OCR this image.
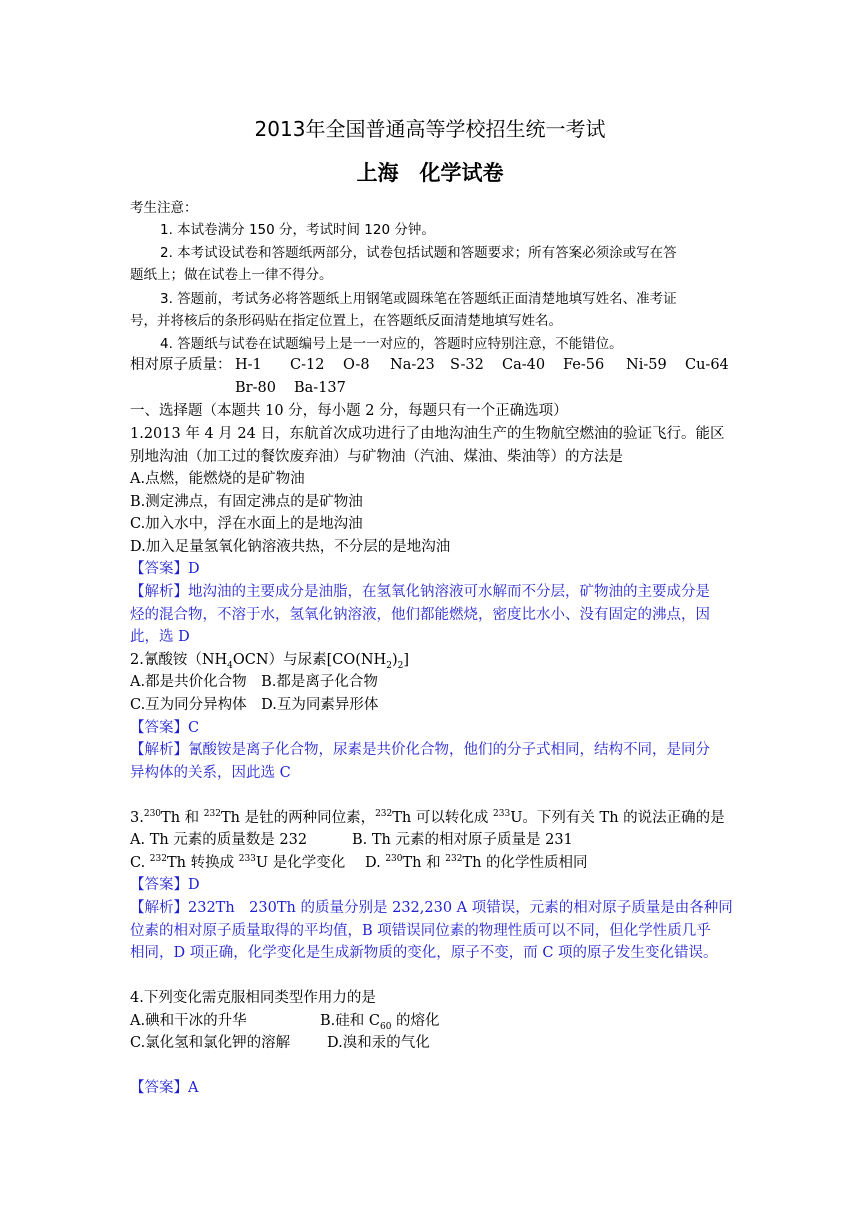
2013年全国普通高等学校招生统一考试
上海　化学试卷
考生注意：
1. 本试卷满分 150 分，考试时间 120 分钟。
2. 本考试设试卷和答题纸两部分，试卷包括试题和答题要求；所有答案必须涂或写在答
题纸上；做在试卷上一律不得分。
3. 答题前，考试务必将答题纸上用钢笔或圆珠笔在答题纸正面清楚地填写姓名、准考证
号，并将核后的条形码贴在指定位置上，在答题纸反面清楚地填写姓名。
4. 答题纸与试卷在试题编号上是一一对应的，答题时应特别注意，不能错位。
相对原子质量： H-1 C-12 O-8 Na-23 S-32 Ca-40 Fe-56 Ni-59 Cu-64
Br-80 Ba-137
一、选择题（本题共 10 分，每小题 2 分，每题只有一个正确选项）
1.2013 年 4 月 24 日，东航首次成功进行了由地沟油生产的生物航空燃油的验证飞行。能区
别地沟油（加工过的餐饮废弃油）与矿物油（汽油、煤油、柴油等）的方法是
A.点燃，能燃烧的是矿物油
B.测定沸点，有固定沸点的是矿物油
C.加入水中，浮在水面上的是地沟油
D.加入足量氢氧化钠溶液共热，不分层的是地沟油
【答案】D
【解析】地沟油的主要成分是油脂，在氢氧化钠溶液可水解而不分层，矿物油的主要成分是
烃的混合物，不溶于水，氢氧化钠溶液，他们都能燃烧，密度比水小、没有固定的沸点，因
此，选 D
2.氰酸铵$(NH_4OCN)$与尿素$[CO(NH_2)_2]$
A.都是共价化合物　B.都是离子化合物
C.互为同分异构体　D.互为同素异形体
【答案】C
【解析】氰酸铵是离子化合物，尿素是共价化合物，他们的分子式相同，结构不同，是同分
异构体的关系，因此选 C
3.$^{230}$Th 和 $^{232}$Th 是钍的两种同位素，$^{232}$Th 可以转化成 $^{233}$U。下列有关 Th 的说法正确的是
A. Th 元素的质量数是 232	B. Th 元素的相对原子质量是 231
C. $^{232}$Th 转换成 $^{233}$U 是化学变化 D. $^{230}$Th 和 $^{232}$Th 的化学性质相同
【答案】D
【解析】232Th　230Th 的质量分别是 232,230 A 项错误，元素的相对原子质量是由各种同
位素的相对原子质量取得的平均值，B 项错误同位素的物理性质可以不同，但化学性质几乎
相同，D 项正确，化学变化是生成新物质的变化，原子不变，而 C 项的原子发生变化错误。
4.下列变化需克服相同类型作用力的是
A.碘和干冰的升华	B.硅和 $C_{60}$ 的熔化
C.氯化氢和氯化钾的溶解	D.溴和汞的气化
【答案】A
